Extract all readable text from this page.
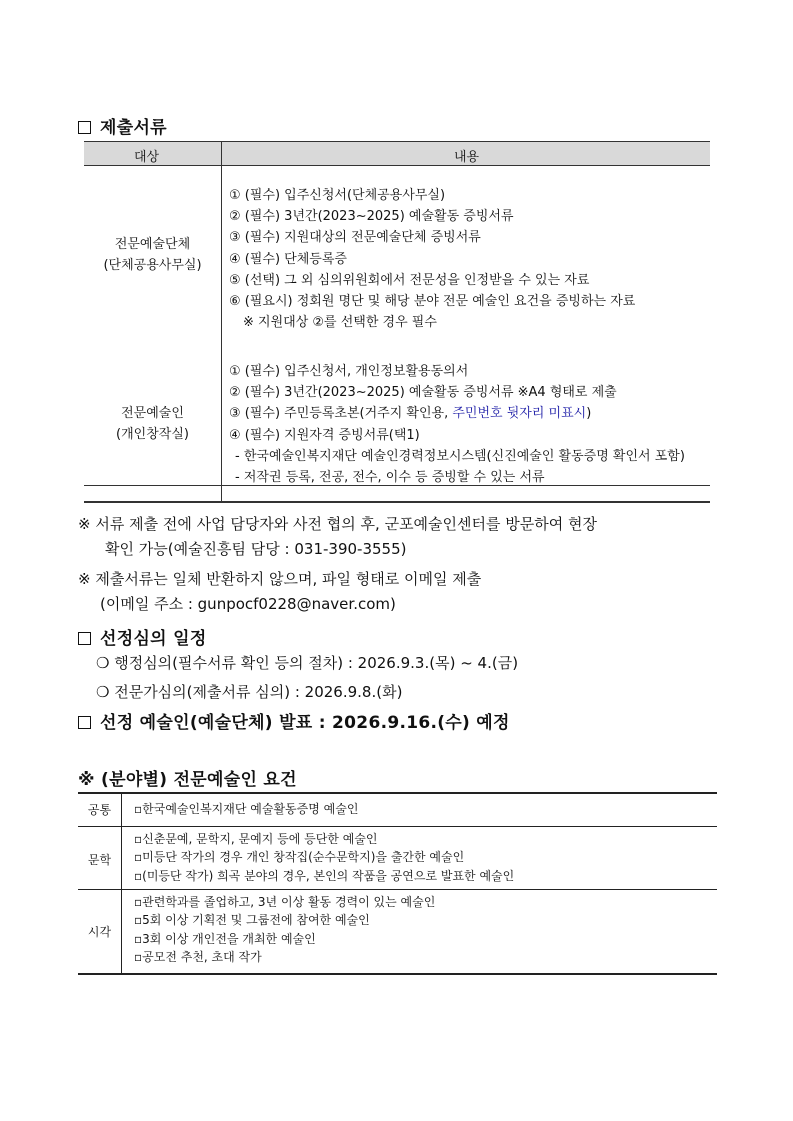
제출서류
대상	내용
전문예술단체
(단체공용사무실)
① (필수) 입주신청서(단체공용사무실)
② (필수) 3년간(2023~2025) 예술활동 증빙서류
③ (필수) 지원대상의 전문예술단체 증빙서류
④ (필수) 단체등록증
⑤ (선택) 그 외 심의위원회에서 전문성을 인정받을 수 있는 자료
⑥ (필요시) 정회원 명단 및 해당 분야 전문 예술인 요건을 증빙하는 자료
※ 지원대상 ②를 선택한 경우 필수
전문예술인
(개인창작실)
① (필수) 입주신청서, 개인정보활용동의서
② (필수) 3년간(2023~2025) 예술활동 증빙서류 ※A4 형태로 제출
③ (필수) 주민등록초본(거주지 확인용, 주민번호 뒷자리 미표시)
④ (필수) 지원자격 증빙서류(택1)
- 한국예술인복지재단 예술인경력정보시스템(신진예술인 활동증명 확인서 포함)
- 저작권 등록, 전공, 전수, 이수 등 증빙할 수 있는 서류
※ 서류 제출 전에 사업 담당자와 사전 협의 후, 군포예술인센터를 방문하여 현장
확인 가능(예술진흥팀 담당 : 031-390-3555)
※ 제출서류는 일체 반환하지 않으며, 파일 형태로 이메일 제출
(이메일 주소 : gunpocf0228@naver.com)
선정심의 일정
❍ 행정심의(필수서류 확인 등의 절차) : 2026.9.3.(목) ~ 4.(금)
❍ 전문가심의(제출서류 심의) : 2026.9.8.(화)
선정 예술인(예술단체) 발표 : 2026.9.16.(수) 예정
※ (분야별) 전문예술인 요건
공통	▫한국예술인복지재단 예술활동증명 예술인
문학
▫신춘문예, 문학지, 문예지 등에 등단한 예술인
▫미등단 작가의 경우 개인 창작집(순수문학지)을 출간한 예술인
▫(미등단 작가) 희곡 분야의 경우, 본인의 작품을 공연으로 발표한 예술인
시각
▫관련학과를 졸업하고, 3년 이상 활동 경력이 있는 예술인
▫5회 이상 기획전 및 그룹전에 참여한 예술인
▫3회 이상 개인전을 개최한 예술인
▫공모전 추천, 초대 작가
